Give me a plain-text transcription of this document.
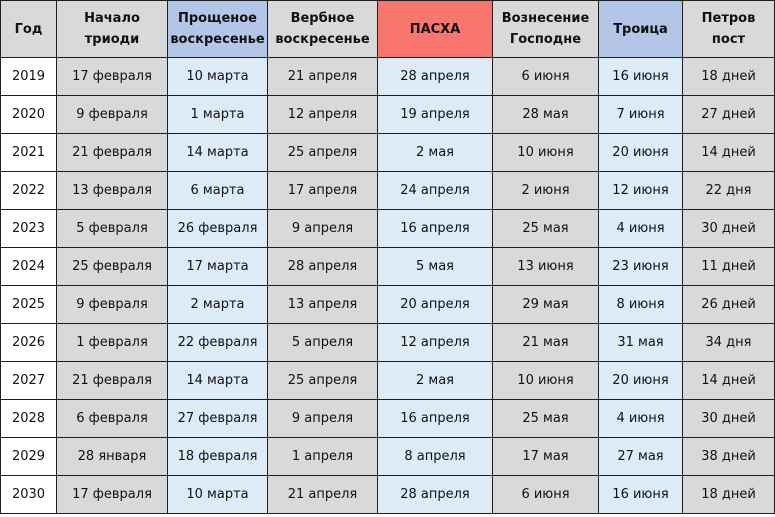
Год	Начало триоди	Прощеное воскресенье	Вербное воскресенье	ПАСХА	Вознесение Господне	Троица	Петров пост
2019	17 февраля	10 марта	21 апреля	28 апреля	6 июня	16 июня	18 дней
2020	9 февраля	1 марта	12 апреля	19 апреля	28 мая	7 июня	27 дней
2021	21 февраля	14 марта	25 апреля	2 мая	10 июня	20 июня	14 дней
2022	13 февраля	6 марта	17 апреля	24 апреля	2 июня	12 июня	22 дня
2023	5 февраля	26 февраля	9 апреля	16 апреля	25 мая	4 июня	30 дней
2024	25 февраля	17 марта	28 апреля	5 мая	13 июня	23 июня	11 дней
2025	9 февраля	2 марта	13 апреля	20 апреля	29 мая	8 июня	26 дней
2026	1 февраля	22 февраля	5 апреля	12 апреля	21 мая	31 мая	34 дня
2027	21 февраля	14 марта	25 апреля	2 мая	10 июня	20 июня	14 дней
2028	6 февраля	27 февраля	9 апреля	16 апреля	25 мая	4 июня	30 дней
2029	28 января	18 февраля	1 апреля	8 апреля	17 мая	27 мая	38 дней
2030	17 февраля	10 марта	21 апреля	28 апреля	6 июня	16 июня	18 дней
